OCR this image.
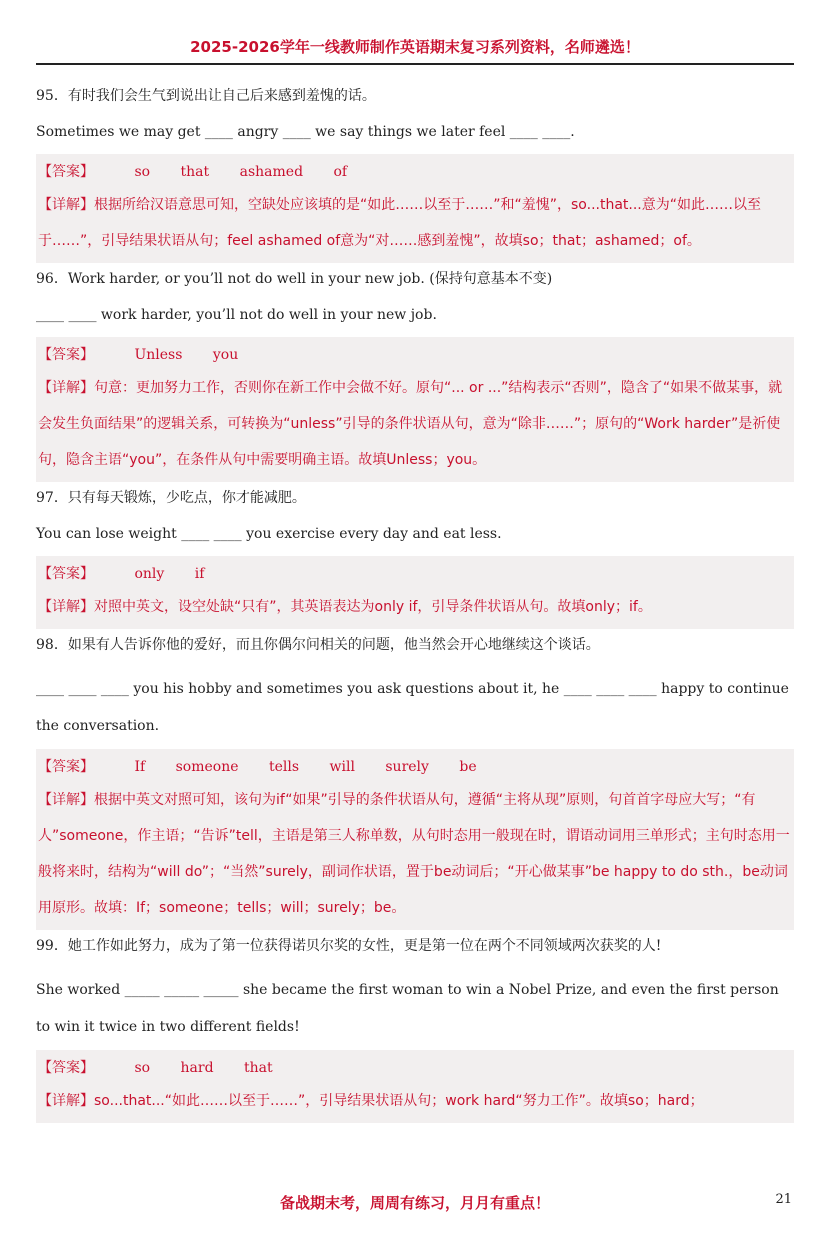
2025-2026学年一线教师制作英语期末复习系列资料，名师遴选！

95．有时我们会生气到说出让自己后来感到羞愧的话。

Sometimes we may get ____ angry ____ we say things we later feel ____ ____.

【答案】	so that ashamed of
【详解】根据所给汉语意思可知，空缺处应该填的是“如此……以至于……”和“羞愧”，so...that...意为“如此……以至于……”，引导结果状语从句；feel ashamed of意为“对……感到羞愧”，故填so；that；ashamed；of。

96．Work harder, or you’ll not do well in your new job. (保持句意基本不变)

____ ____ work harder, you’ll not do well in your new job.

【答案】	Unless you
【详解】句意：更加努力工作，否则你在新工作中会做不好。原句“... or ...”结构表示“否则”，隐含了“如果不做某事，就会发生负面结果”的逻辑关系，可转换为“unless”引导的条件状语从句，意为“除非……”；原句的“Work harder”是祈使句，隐含主语“you”，在条件从句中需要明确主语。故填Unless；you。

97．只有每天锻炼，少吃点，你才能减肥。

You can lose weight ____ ____ you exercise every day and eat less.

【答案】	only if
【详解】对照中英文，设空处缺“只有”，其英语表达为only if，引导条件状语从句。故填only；if。

98．如果有人告诉你他的爱好，而且你偶尔问相关的问题，他当然会开心地继续这个谈话。

____ ____ ____ you his hobby and sometimes you ask questions about it, he ____ ____ ____ happy to continue the conversation.

【答案】	If someone tells will surely be
【详解】根据中英文对照可知，该句为if“如果”引导的条件状语从句，遵循“主将从现”原则，句首首字母应大写；“有人”someone，作主语；“告诉”tell，主语是第三人称单数，从句时态用一般现在时，谓语动词用三单形式；主句时态用一般将来时，结构为“will do”；“当然”surely，副词作状语，置于be动词后；“开心做某事”be happy to do sth.，be动词用原形。故填：If；someone；tells；will；surely；be。

99．她工作如此努力，成为了第一位获得诺贝尔奖的女性，更是第一位在两个不同领域两次获奖的人!

She worked _____ _____ _____ she became the first woman to win a Nobel Prize, and even the first person to win it twice in two different fields!

【答案】	so hard that
【详解】so...that...“如此……以至于……”，引导结果状语从句；work hard“努力工作”。故填so；hard；
备战期末考，周周有练习，月月有重点！	21
